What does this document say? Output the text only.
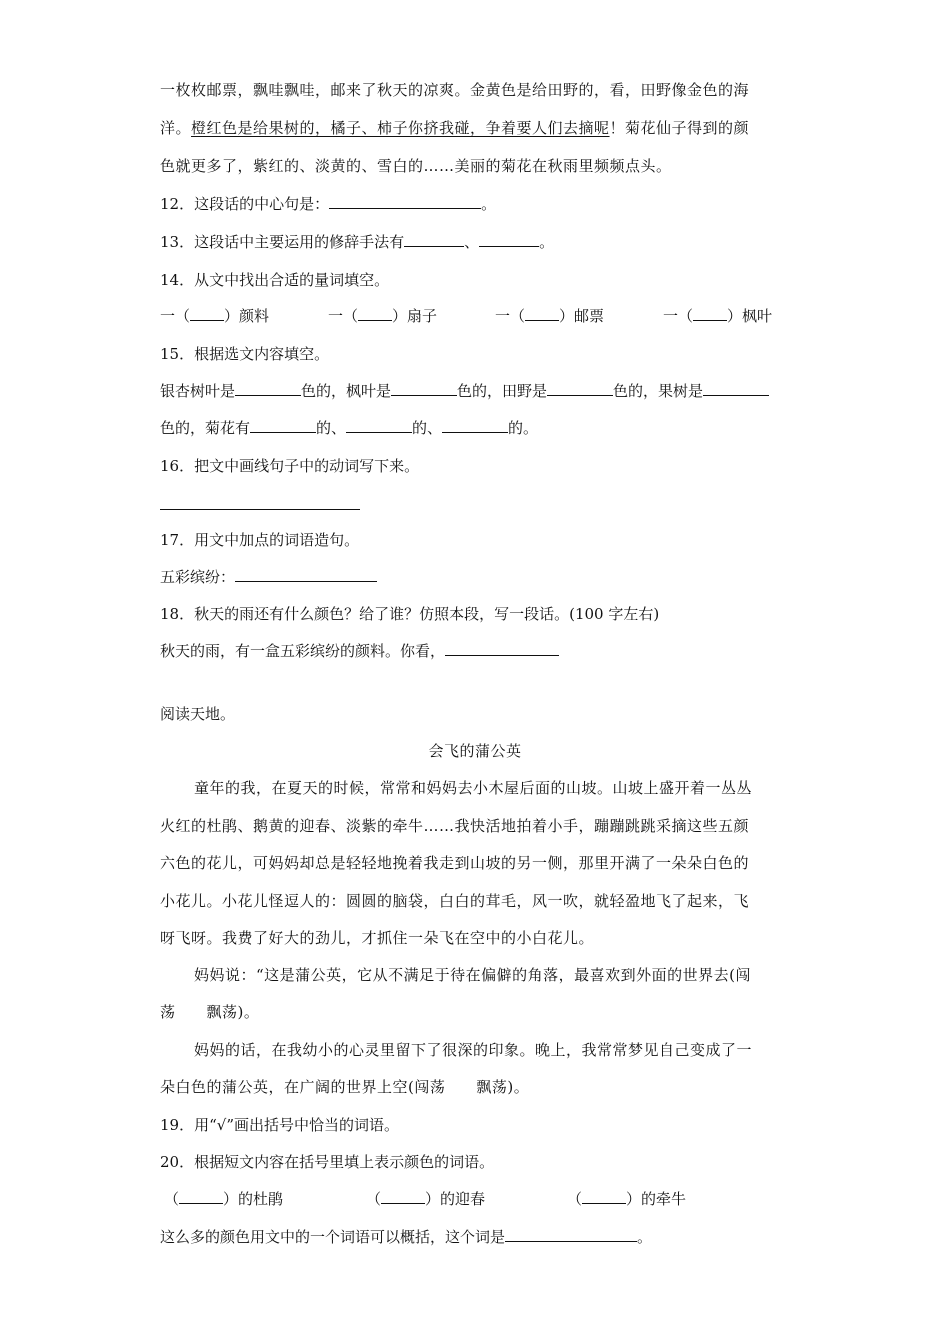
一枚枚邮票，飘哇飘哇，邮来了秋天的凉爽。金黄色是给田野的，看，田野像金色的海
洋。橙红色是给果树的，橘子、柿子你挤我碰，争着要人们去摘呢！菊花仙子得到的颜
色就更多了，紫红的、淡黄的、雪白的……美丽的菊花在秋雨里频频点头。
12．这段话的中心句是：	。
13．这段话中主要运用的修辞手法有	、	。
14．从文中找出合适的量词填空。
一（ ）颜料	一（ ）扇子	一（ ）邮票	一（ ）枫叶
15．根据选文内容填空。
银杏树叶是	色的，枫叶是	色的，田野是	色的，果树是
色的，菊花有	的、	的、	的。
16．把文中画线句子中的动词写下来。
17．用文中加点的词语造句。
五彩缤纷：
18．秋天的雨还有什么颜色？给了谁？仿照本段，写一段话。(100 字左右)
秋天的雨，有一盒五彩缤纷的颜料。你看，
阅读天地。
会飞的蒲公英
童年的我，在夏天的时候，常常和妈妈去小木屋后面的山坡。山坡上盛开着一丛丛
火红的杜鹃、鹅黄的迎春、淡紫的牵牛……我快活地拍着小手，蹦蹦跳跳采摘这些五颜
六色的花儿，可妈妈却总是轻轻地挽着我走到山坡的另一侧，那里开满了一朵朵白色的
小花儿。小花儿怪逗人的：圆圆的脑袋，白白的茸毛，风一吹，就轻盈地飞了起来，飞
呀飞呀。我费了好大的劲儿，才抓住一朵飞在空中的小白花儿。
妈妈说：“这是蒲公英，它从不满足于待在偏僻的角落，最喜欢到外面的世界去(闯
荡　　飘荡)。
妈妈的话，在我幼小的心灵里留下了很深的印象。晚上，我常常梦见自己变成了一
朵白色的蒲公英，在广阔的世界上空(闯荡　　飘荡)。
19．用“√”画出括号中恰当的词语。
20．根据短文内容在括号里填上表示颜色的词语。
（	）的杜鹃	（	）的迎春	（	）的牵牛
这么多的颜色用文中的一个词语可以概括，这个词是	。
